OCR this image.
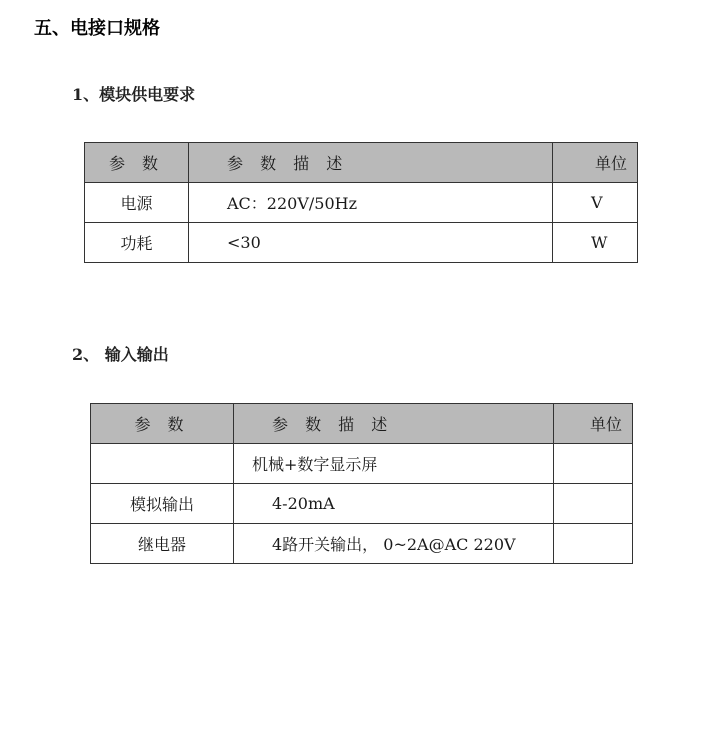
五、电接口规格
1、模块供电要求
参 数	参 数 描 述	单位
电源	AC：220V/50Hz	V
功耗	<30	W
2、 输入输出
参 数	参 数 描 述	单位
	机械+数字显示屏	
模拟输出	4-20mA	
继电器	4路开关输出， 0~2A@AC 220V	
